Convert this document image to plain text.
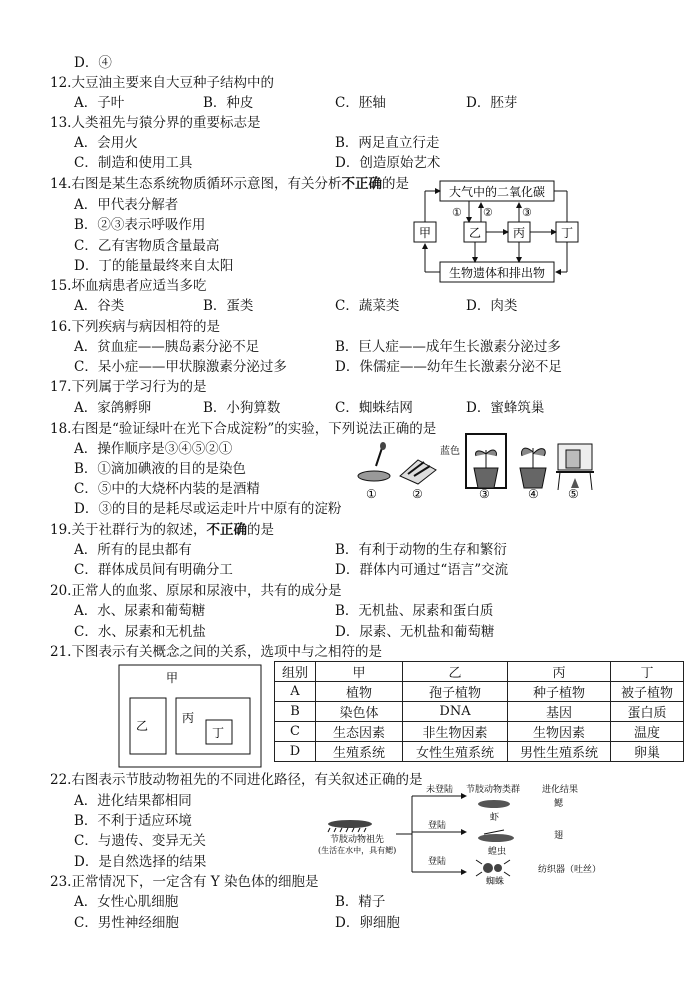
D．④
12.大豆油主要来自大豆种子结构中的
A．子叶	B．种皮	C．胚轴	D．胚芽
13.人类祖先与猿分界的重要标志是
A．会用火	B．两足直立行走
C．制造和使用工具	D．创造原始艺术
14.右图是某生态系统物质循环示意图，有关分析不正确的是
A．甲代表分解者
B．②③表示呼吸作用
C．乙有害物质含量最高
D．丁的能量最终来自太阳
大气中的二氧化碳
生物遗体和排出物
甲	乙	丙	丁
① ②	③
15.坏血病患者应适当多吃
A．谷类	B．蛋类	C．蔬菜类	D．肉类
16.下列疾病与病因相符的是
A．贫血症——胰岛素分泌不足	B．巨人症——成年生长激素分泌过多
C．呆小症——甲状腺激素分泌过多	D．侏儒症——幼年生长激素分泌不足
17.下列属于学习行为的是
A．家鸽孵卵	B．小狗算数	C．蜘蛛结网	D．蜜蜂筑巢
18.右图是“验证绿叶在光下合成淀粉”的实验，下列说法正确的是
A．操作顺序是③④⑤②①
B．①滴加碘液的目的是染色
C．⑤中的大烧杯内装的是酒精
D．③的目的是耗尽或运走叶片中原有的淀粉
蓝色
①	②	③	④ ⑤
19.关于社群行为的叙述，不正确的是
A．所有的昆虫都有	B．有利于动物的生存和繁衍
C．群体成员间有明确分工	D．群体内可通过“语言”交流
20.正常人的血浆、原尿和尿液中，共有的成分是
A．水、尿素和葡萄糖	B．无机盐、尿素和蛋白质
C．水、尿素和无机盐	D．尿素、无机盐和葡萄糖
21.下图表示有关概念之间的关系，选项中与之相符的是
甲
乙
丙
丁
组别	甲	乙	丙	丁
A	植物	孢子植物	种子植物	被子植物
B	染色体	DNA	基因	蛋白质
C	生态因素	非生物因素	生物因素	温度
D	生殖系统	女性生殖系统	男性生殖系统	卵巢
22.右图表示节肢动物祖先的不同进化路径，有关叙述正确的是
A．进化结果都相同
B．不利于适应环境
C．与遗传、变异无关
D．是自然选择的结果
未登陆
登陆
登陆
节肢动物祖先
(生活在水中，具有鳃)
节肢动物类群
虾
蝗虫
蜘蛛
进化结果
鳃
翅
纺织器（吐丝）
23.正常情况下，一定含有 Y 染色体的细胞是
A．女性心肌细胞	B．精子
C．男性神经细胞	D．卵细胞
